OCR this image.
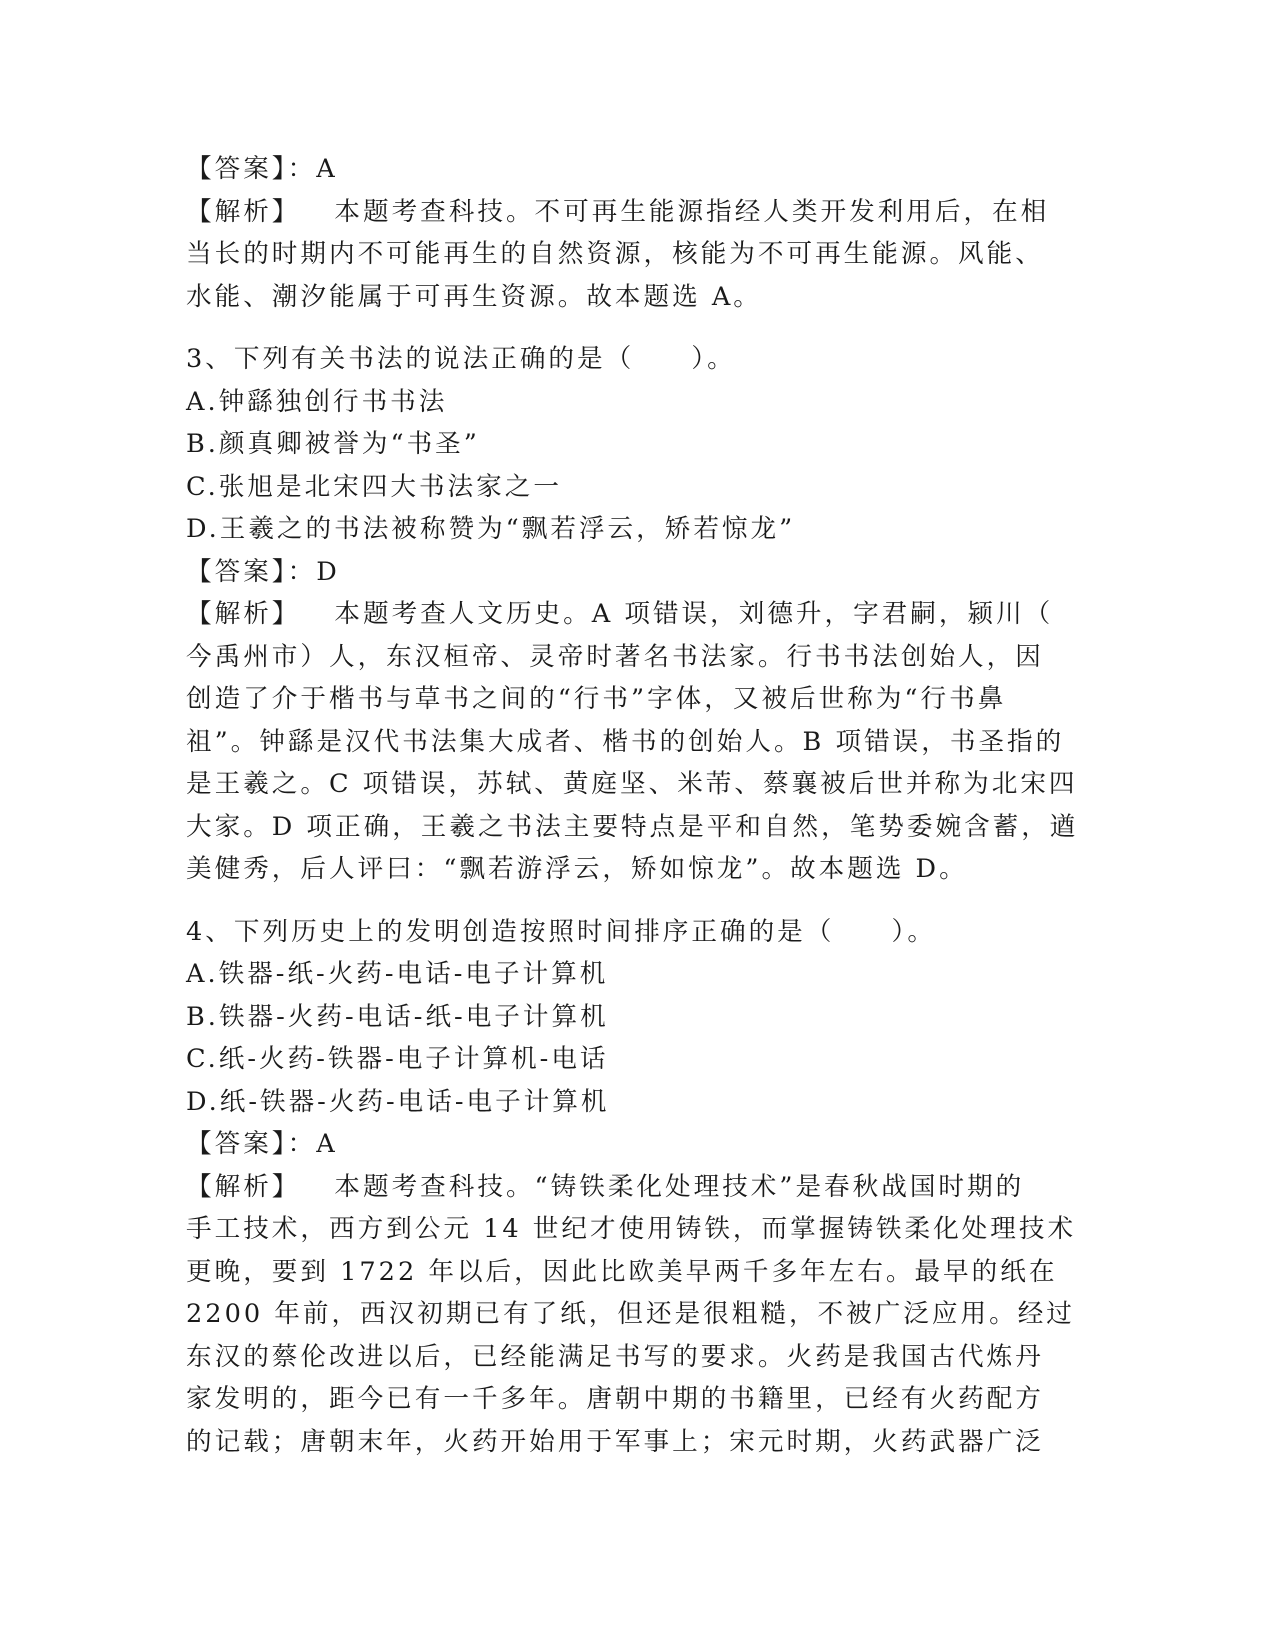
【答案】：A

【解析】 本题考查科技。不可再生能源指经人类开发利用后，在相

当长的时期内不可能再生的自然资源，核能为不可再生能源。风能、

水能、潮汐能属于可再生资源。故本题选 A。

3、下列有关书法的说法正确的是（　　）。

A.钟繇独创行书书法

B.颜真卿被誉为“书圣”

C.张旭是北宋四大书法家之一

D.王羲之的书法被称赞为“飘若浮云，矫若惊龙”

【答案】：D

【解析】 本题考查人文历史。A 项错误，刘德升，字君嗣，颍川（

今禹州市）人，东汉桓帝、灵帝时著名书法家。行书书法创始人，因

创造了介于楷书与草书之间的“行书”字体，又被后世称为“行书鼻

祖”。钟繇是汉代书法集大成者、楷书的创始人。B 项错误，书圣指的

是王羲之。C 项错误，苏轼、黄庭坚、米芾、蔡襄被后世并称为北宋四

大家。D 项正确，王羲之书法主要特点是平和自然，笔势委婉含蓄，遒

美健秀，后人评曰：“飘若游浮云，矫如惊龙”。故本题选 D。

4、下列历史上的发明创造按照时间排序正确的是（　　）。

A.铁器-纸-火药-电话-电子计算机

B.铁器-火药-电话-纸-电子计算机

C.纸-火药-铁器-电子计算机-电话

D.纸-铁器-火药-电话-电子计算机

【答案】：A

【解析】 本题考查科技。“铸铁柔化处理技术”是春秋战国时期的

手工技术，西方到公元 14 世纪才使用铸铁，而掌握铸铁柔化处理技术

更晚，要到 1722 年以后，因此比欧美早两千多年左右。最早的纸在

2200 年前，西汉初期已有了纸，但还是很粗糙，不被广泛应用。经过

东汉的蔡伦改进以后，已经能满足书写的要求。火药是我国古代炼丹

家发明的，距今已有一千多年。唐朝中期的书籍里，已经有火药配方

的记载；唐朝末年，火药开始用于军事上；宋元时期，火药武器广泛
